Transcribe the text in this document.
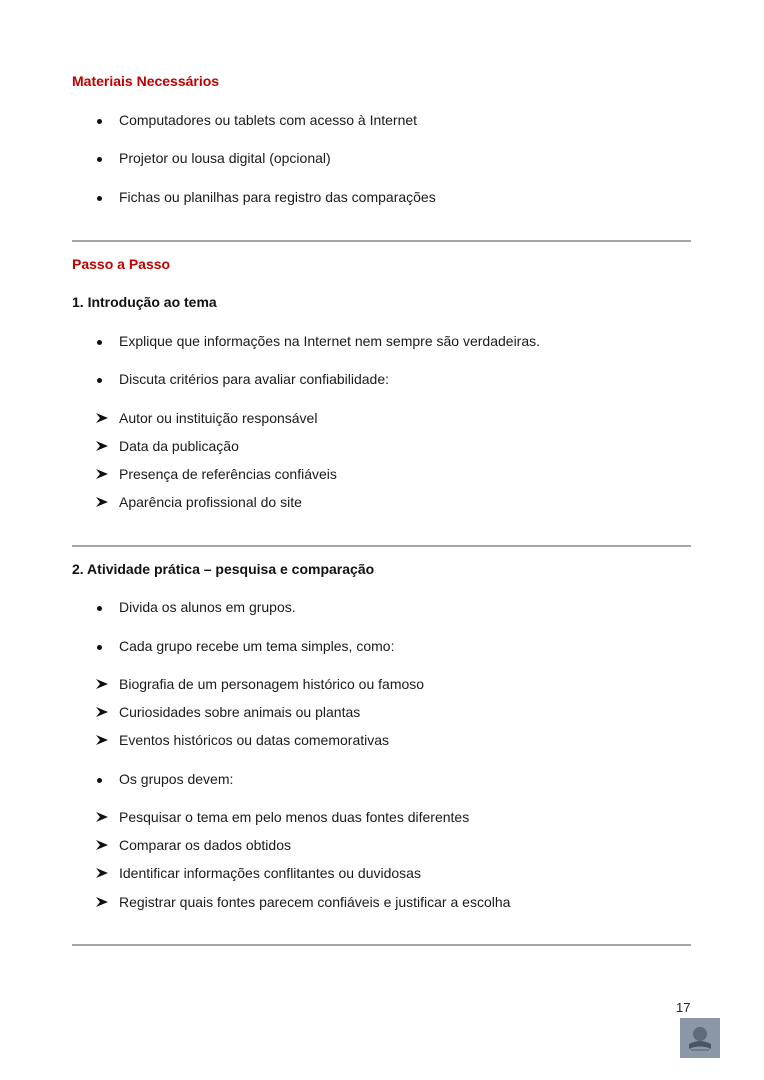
Materiais Necessários
Computadores ou tablets com acesso à Internet
Projetor ou lousa digital (opcional)
Fichas ou planilhas para registro das comparações
Passo a Passo
1. Introdução ao tema
Explique que informações na Internet nem sempre são verdadeiras.
Discuta critérios para avaliar confiabilidade:
Autor ou instituição responsável
Data da publicação
Presença de referências confiáveis
Aparência profissional do site
2. Atividade prática – pesquisa e comparação
Divida os alunos em grupos.
Cada grupo recebe um tema simples, como:
Biografia de um personagem histórico ou famoso
Curiosidades sobre animais ou plantas
Eventos históricos ou datas comemorativas
Os grupos devem:
Pesquisar o tema em pelo menos duas fontes diferentes
Comparar os dados obtidos
Identificar informações conflitantes ou duvidosas
Registrar quais fontes parecem confiáveis e justificar a escolha
17
